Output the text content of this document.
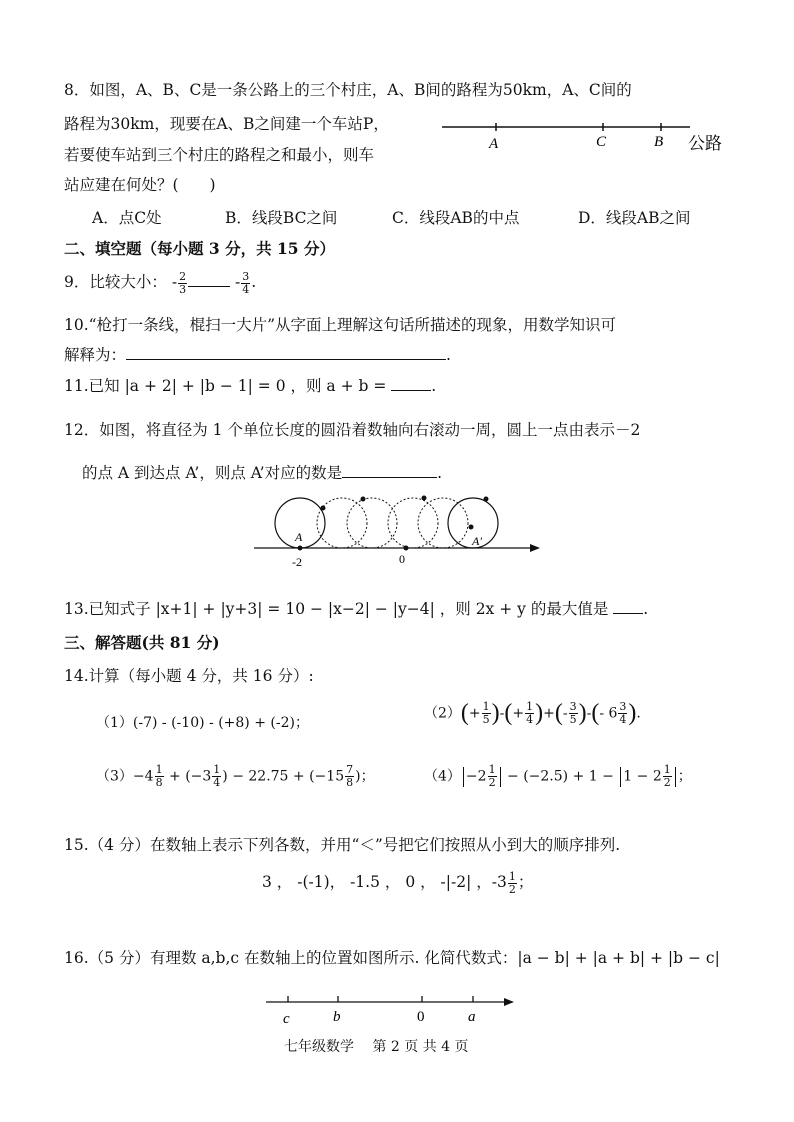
8．如图，A、B、C是一条公路上的三个村庄，A、B间的路程为50km，A、C间的
路程为30km，现要在A、B之间建一个车站P，
若要使车站到三个村庄的路程之和最小，则车
站应建在何处？(　　)
A	C	B 公路
A．点C处	B．线段BC之间	C．线段AB的中点	D．线段AB之间
二、填空题（每小题 3 分，共 15 分）
9．比较大小： - $\frac{2}{3}$	- $\frac{3}{4}$ .
10.“枪打一条线，棍扫一大片”从字面上理解这句话所描述的现象，用数学知识可
解释为：	.
11.已知 |a + 2| + |b − 1| = 0 ，则 a + b =	.
12．如图，将直径为 1 个单位长度的圆沿着数轴向右滚动一周，圆上一点由表示－2
的点 A 到达点 A’，则点 A’对应的数是	.
A	A'
-2	0
13.已知式子 |x+1| + |y+3| = 10 − |x−2| − |y−4| ，则 2x + y 的最大值是 .
三、解答题(共 81 分)
14.计算（每小题 4 分，共 16 分）:
（1）(-7) - (-10) - (+8) + (-2)；
$(2)(+ \frac{1}{5}$ )-(+ $\frac{1}{4}$ )+(- $\frac{3}{5}$ )-(- $6 \frac{3}{4}$ ).
$(3)-4 \frac{1}{8} + (-3 \frac{1}{4}$ ) − $22.75 + (-15 \frac{7}{8}$ )；	$(4) -2 \frac{1}{2} - (-2.5) + 1 - 1 - 2 \frac{1}{2}$ ；
15.（4 分）在数轴上表示下列各数，并用“＜”号把它们按照从小到大的顺序排列.
3 ， -(-1)， -1.5 ， 0 ， -|-2| ，$-3 \frac{1}{2}$ ；
16.（5 分）有理数 a,b,c 在数轴上的位置如图所示. 化简代数式：|a − b| + |a + b| + |b − c|
c	b	0	a
七年级数学　 第 2 页 共 4 页
